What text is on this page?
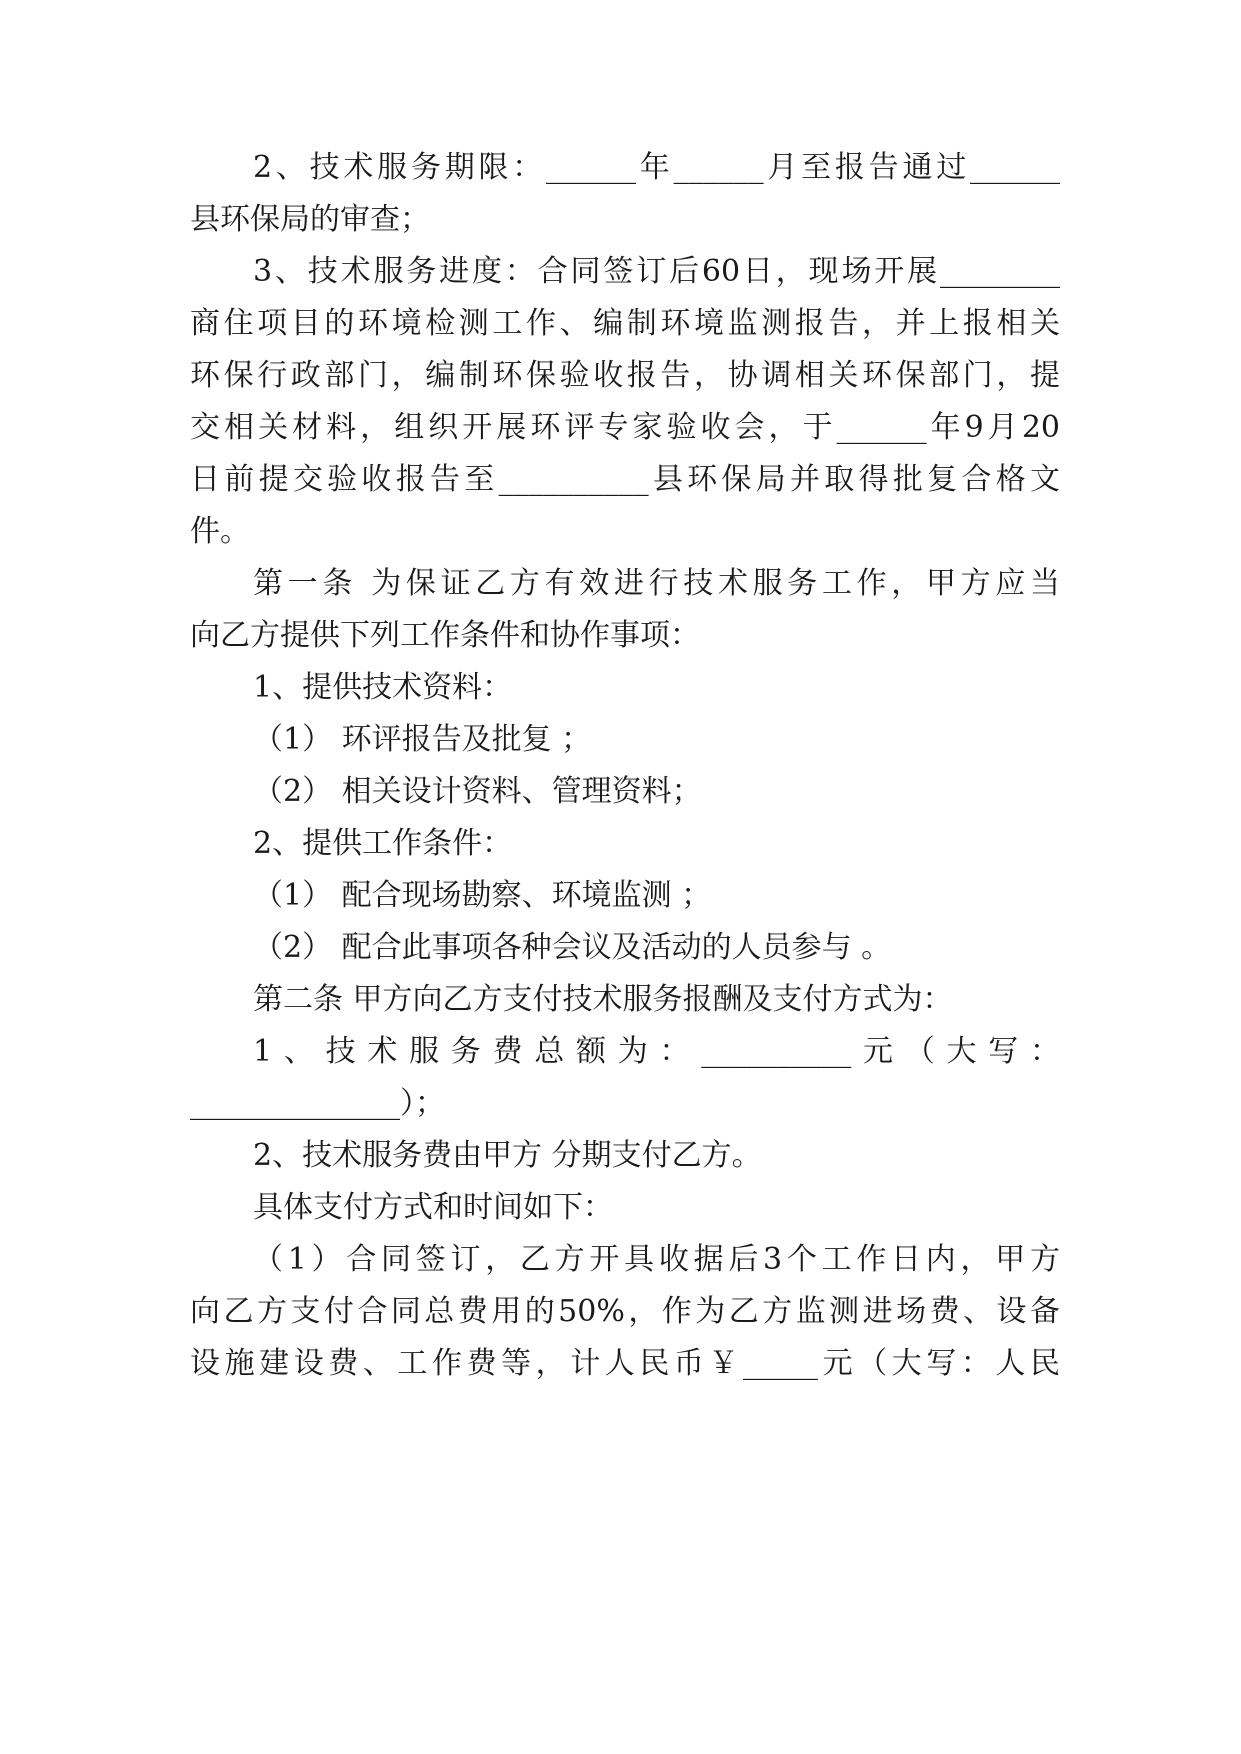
2、技术服务期限：______年______月至报告通过______
县环保局的审查；
3、技术服务进度：合同签订后60日，现场开展________
商住项目的环境检测工作、编制环境监测报告，并上报相关
环保行政部门，编制环保验收报告，协调相关环保部门，提
交相关材料，组织开展环评专家验收会，于______年9月20
日前提交验收报告至__________县环保局并取得批复合格文
件。
第一条 为保证乙方有效进行技术服务工作，甲方应当
向乙方提供下列工作条件和协作事项：
1、提供技术资料：
（1） 环评报告及批复 ；
（2） 相关设计资料、管理资料；
2、提供工作条件：
（1） 配合现场勘察、环境监测 ；
（2） 配合此事项各种会议及活动的人员参与 。
第二条 甲方向乙方支付技术服务报酬及支付方式为：
1、技术服务费总额为：__________元（大写：
______________）；
2、技术服务费由甲方 分期支付乙方。
具体支付方式和时间如下：
（1）合同签订，乙方开具收据后3个工作日内，甲方
向乙方支付合同总费用的50%，作为乙方监测进场费、设备
设施建设费、工作费等，计人民币￥_____元（大写：人民
